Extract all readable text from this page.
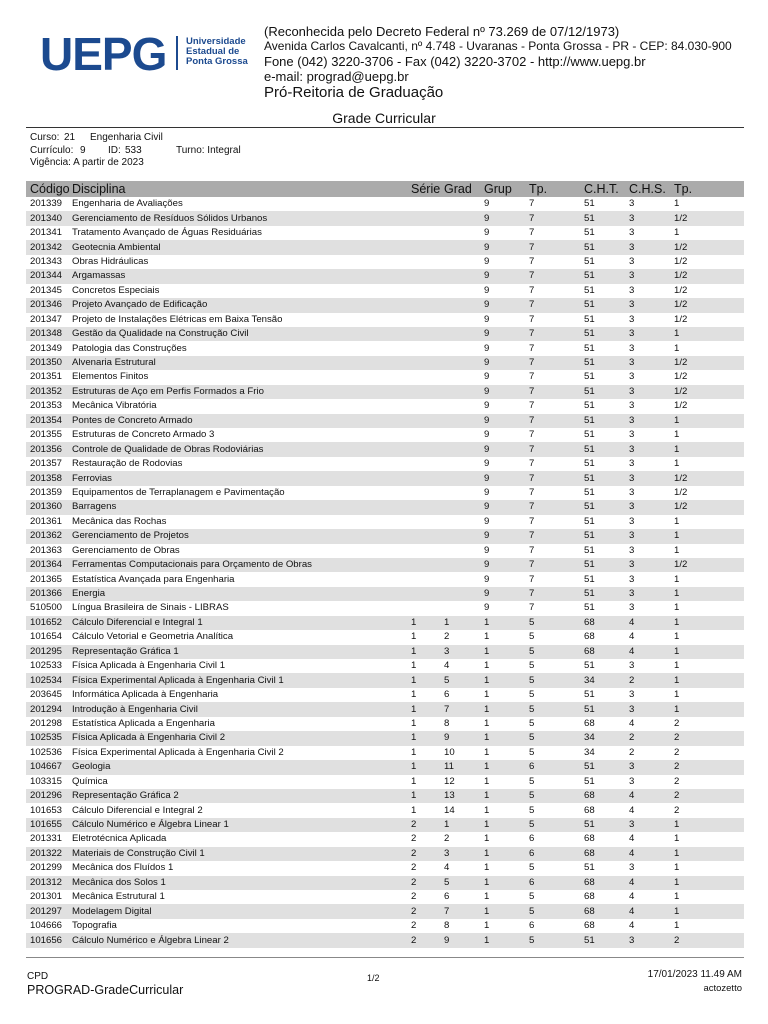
UEPG Universidade
Estadual de
Ponta Grossa
(Reconhecida pelo Decreto Federal nº 73.269 de 07/12/1973)
Avenida Carlos Cavalcanti, nº 4.748 - Uvaranas - Ponta Grossa - PR - CEP: 84.030-900
Fone (042) 3220-3706 - Fax (042) 3220-3702 - http://www.uepg.br
e-mail: prograd@uepg.br
Pró-Reitoria de Graduação
Grade Curricular
Curso: 21 Engenharia Civil
Currículo: 9 ID: 533	Turno: Integral
Vigência: A partir de 2023
Código	Disciplina	Série	Grad	Grup	Tp.	C.H.T.	C.H.S.	Tp.
201339	Engenharia de Avaliações			9	7	51	3	1
201340	Gerenciamento de Resíduos Sólidos Urbanos			9	7	51	3	1/2
201341	Tratamento Avançado de Águas Residuárias			9	7	51	3	1
201342	Geotecnia Ambiental			9	7	51	3	1/2
201343	Obras Hidráulicas			9	7	51	3	1/2
201344	Argamassas			9	7	51	3	1/2
201345	Concretos Especiais			9	7	51	3	1/2
201346	Projeto Avançado de Edificação			9	7	51	3	1/2
201347	Projeto de Instalações Elétricas em Baixa Tensão			9	7	51	3	1/2
201348	Gestão da Qualidade na Construção Civil			9	7	51	3	1
201349	Patologia das Construções			9	7	51	3	1
201350	Alvenaria Estrutural			9	7	51	3	1/2
201351	Elementos Finitos			9	7	51	3	1/2
201352	Estruturas de Aço em Perfis Formados a Frio			9	7	51	3	1/2
201353	Mecânica Vibratória			9	7	51	3	1/2
201354	Pontes de Concreto Armado			9	7	51	3	1
201355	Estruturas de Concreto Armado 3			9	7	51	3	1
201356	Controle de Qualidade de Obras Rodoviárias			9	7	51	3	1
201357	Restauração de Rodovias			9	7	51	3	1
201358	Ferrovias			9	7	51	3	1/2
201359	Equipamentos de Terraplanagem e Pavimentação			9	7	51	3	1/2
201360	Barragens			9	7	51	3	1/2
201361	Mecânica das Rochas			9	7	51	3	1
201362	Gerenciamento de Projetos			9	7	51	3	1
201363	Gerenciamento de Obras			9	7	51	3	1
201364	Ferramentas Computacionais para Orçamento de Obras			9	7	51	3	1/2
201365	Estatística Avançada para Engenharia			9	7	51	3	1
201366	Energia			9	7	51	3	1
510500	Língua Brasileira de Sinais - LIBRAS			9	7	51	3	1
101652	Cálculo Diferencial e Integral 1	1	1	1	5	68	4	1
101654	Cálculo Vetorial e Geometria Analítica	1	2	1	5	68	4	1
201295	Representação Gráfica 1	1	3	1	5	68	4	1
102533	Física Aplicada à Engenharia Civil 1	1	4	1	5	51	3	1
102534	Física Experimental Aplicada à Engenharia Civil 1	1	5	1	5	34	2	1
203645	Informática Aplicada à Engenharia	1	6	1	5	51	3	1
201294	Introdução à Engenharia Civil	1	7	1	5	51	3	1
201298	Estatística Aplicada a Engenharia	1	8	1	5	68	4	2
102535	Física Aplicada à Engenharia Civil 2	1	9	1	5	34	2	2
102536	Física Experimental Aplicada à Engenharia Civil 2	1	10	1	5	34	2	2
104667	Geologia	1	11	1	6	51	3	2
103315	Química	1	12	1	5	51	3	2
201296	Representação Gráfica 2	1	13	1	5	68	4	2
101653	Cálculo Diferencial e Integral 2	1	14	1	5	68	4	2
101655	Cálculo Numérico e Álgebra Linear 1	2	1	1	5	51	3	1
201331	Eletrotécnica Aplicada	2	2	1	6	68	4	1
201322	Materiais de Construção Civil 1	2	3	1	6	68	4	1
201299	Mecânica dos Fluídos 1	2	4	1	5	51	3	1
201312	Mecânica dos Solos 1	2	5	1	6	68	4	1
201301	Mecânica Estrutural 1	2	6	1	5	68	4	1
201297	Modelagem Digital	2	7	1	5	68	4	1
104666	Topografia	2	8	1	6	68	4	1
101656	Cálculo Numérico e Álgebra Linear 2	2	9	1	5	51	3	2
CPD
PROGRAD-GradeCurricular
1/2	17/01/2023 11.49 AM
actozetto
